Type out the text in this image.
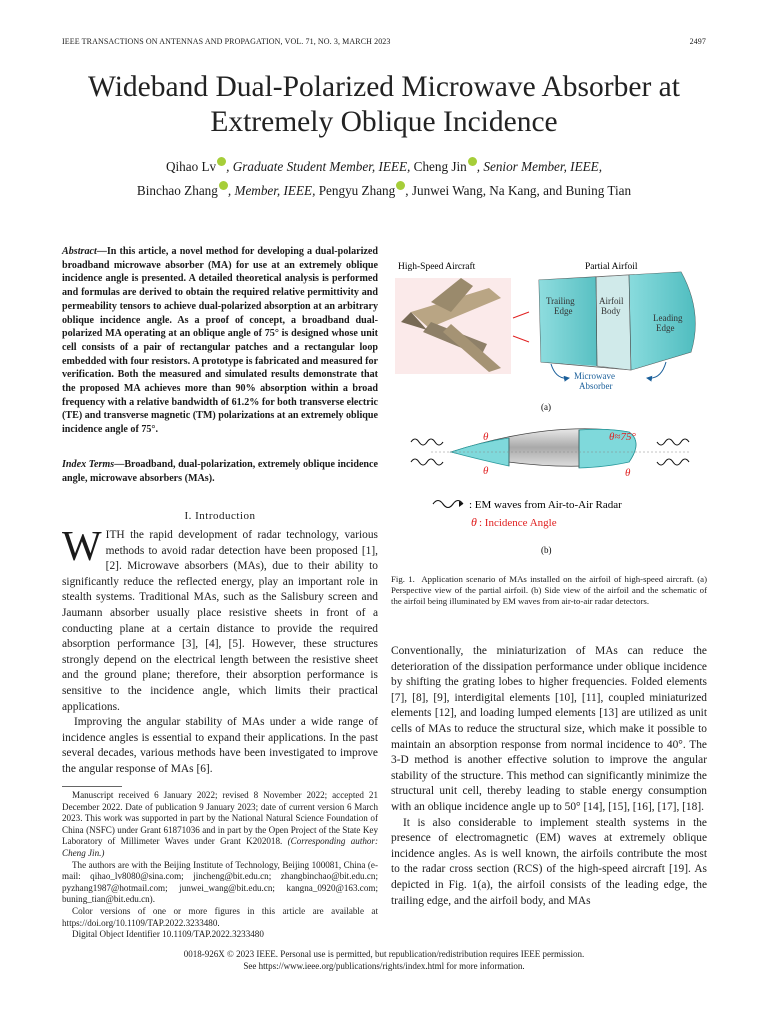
IEEE TRANSACTIONS ON ANTENNAS AND PROPAGATION, VOL. 71, NO. 3, MARCH 2023	2497
Wideband Dual-Polarized Microwave Absorber at
Extremely Oblique Incidence
Qihao Lv , Graduate Student Member, IEEE, Cheng Jin , Senior Member, IEEE,
Binchao Zhang , Member, IEEE, Pengyu Zhang , Junwei Wang, Na Kang, and Buning Tian
Abstract—In this article, a novel method for developing a dual-polarized broadband microwave absorber (MA) for use at an extremely oblique incidence angle is presented. A detailed theoretical analysis is performed and formulas are derived to obtain the required relative permittivity and permeability tensors to achieve dual-polarized absorption at an arbitrary oblique incidence angle. As a proof of concept, a broadband dual-polarized MA operating at an oblique angle of 75° is designed whose unit cell consists of a pair of rectangular patches and a rectangular loop embedded with four resistors. A prototype is fabricated and measured for verification. Both the measured and simulated results demonstrate that the proposed MA achieves more than 90% absorption within a broad frequency with a relative bandwidth of 61.2% for both transverse electric (TE) and transverse magnetic (TM) polarizations at an extremely oblique incidence angle of 75°.
Index Terms—Broadband, dual-polarization, extremely oblique incidence angle, microwave absorbers (MAs).
I. Introduction

WITH the rapid development of radar technology, various methods to avoid radar detection have been proposed [1], [2]. Microwave absorbers (MAs), due to their ability to significantly reduce the reflected energy, play an important role in stealth systems. Traditional MAs, such as the Salisbury screen and Jaumann absorber usually place resistive sheets in front of a conducting plane at a certain distance to provide the required absorption performance [3], [4], [5]. However, these structures strongly depend on the electrical length between the resistive sheet and the ground plane; therefore, their absorption performance is sensitive to the incidence angle, which limits their practical applications.

Improving the angular stability of MAs under a wide range of incidence angles is essential to expand their applications. In the past several decades, various methods have been investigated to improve the angular response of MAs [6].

Manuscript received 6 January 2022; revised 8 November 2022; accepted 21 December 2022. Date of publication 9 January 2023; date of current version 6 March 2023. This work was supported in part by the National Natural Science Foundation of China (NSFC) under Grant 61871036 and in part by the Open Project of the State Key Laboratory of Millimeter Waves under Grant K202018. (Corresponding author: Cheng Jin.)

The authors are with the Beijing Institute of Technology, Beijing 100081, China (e-mail: qihao_lv8080@sina.com; jincheng@bit.edu.cn; zhangbinchao@bit.edu.cn; pyzhang1987@hotmail.com; junwei_wang@bit.edu.cn; kangna_0920@163.com; buning_tian@bit.edu.cn).

Color versions of one or more figures in this article are available at https://doi.org/10.1109/TAP.2022.3233480.

Digital Object Identifier 10.1109/TAP.2022.3233480

High-Speed Aircraft	Partial Airfoil
Trailing
Edge
Airfoil
Body
Leading
Edge
Microwave
Absorber
(a)
θ
θ
θ≈75°
θ
: EM waves from Air-to-Air Radar
θ : Incidence Angle
(b)
Fig. 1. Application scenario of MAs installed on the airfoil of high-speed aircraft. (a) Perspective view of the partial airfoil. (b) Side view of the airfoil and the schematic of the airfoil being illuminated by EM waves from air-to-air radar detectors.

Conventionally, the miniaturization of MAs can reduce the deterioration of the dissipation performance under oblique incidence by shifting the grating lobes to higher frequencies. Folded elements [7], [8], [9], interdigital elements [10], [11], coupled miniaturized elements [12], and loading lumped elements [13] are utilized as unit cells of MAs to reduce the structural size, which make it possible to maintain an absorption response from normal incidence to 40°. The 3-D method is another effective solution to improve the angular stability of the structure. This method can significantly minimize the structural unit cell, thereby leading to stable energy consumption with an oblique incidence angle up to 50° [14], [15], [16], [17], [18].

It is also considerable to implement stealth systems in the presence of electromagnetic (EM) waves at extremely oblique incidence angles. As is well known, the airfoils contribute the most to the radar cross section (RCS) of the high-speed aircraft [19]. As depicted in Fig. 1(a), the airfoil consists of the leading edge, the trailing edge, and the airfoil body, and MAs

0018-926X © 2023 IEEE. Personal use is permitted, but republication/redistribution requires IEEE permission.
See https://www.ieee.org/publications/rights/index.html for more information.
